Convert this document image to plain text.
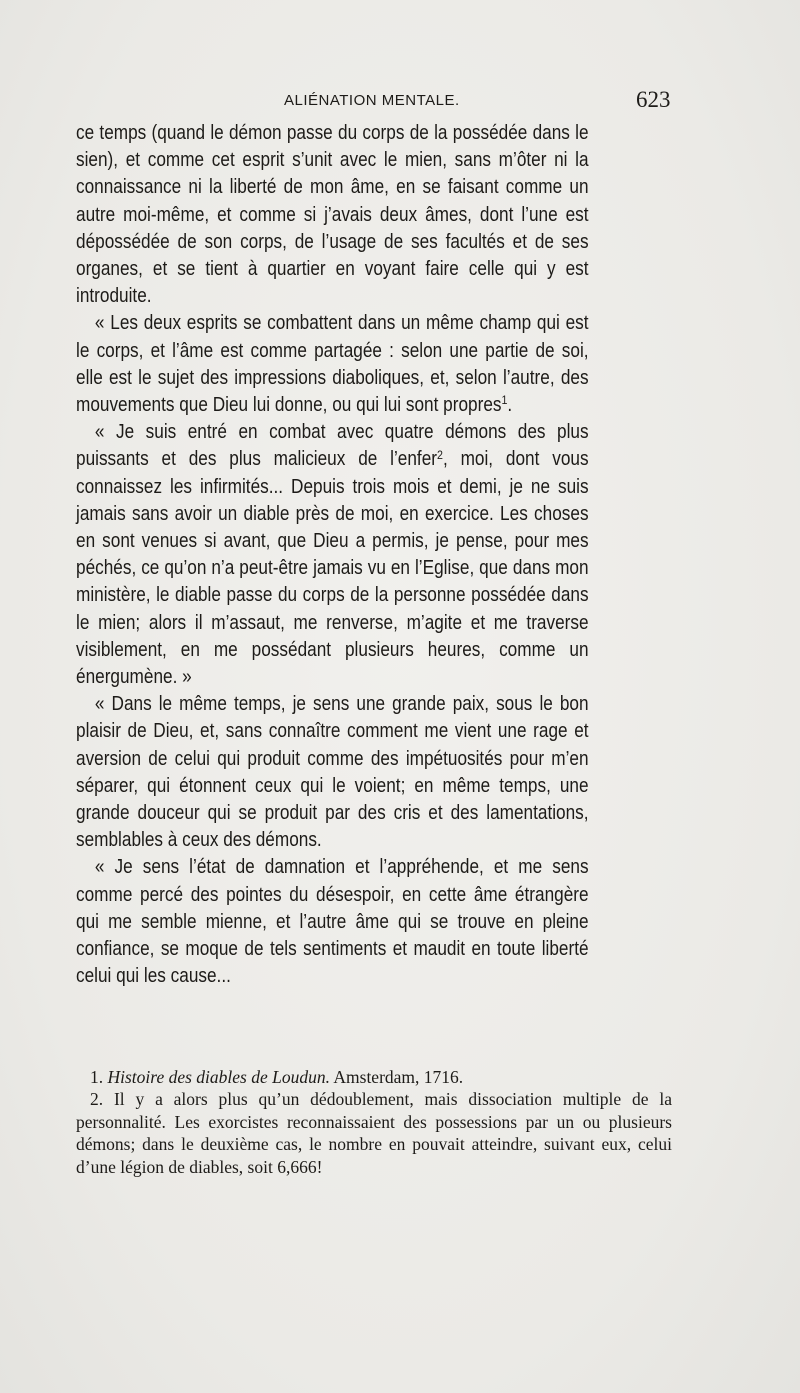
ALIÉNATION MENTALE.	623

ce temps (quand le démon passe du corps de la possédée dans le sien), et comme cet esprit s’unit avec le mien, sans m’ôter ni la connaissance ni la liberté de mon âme, en se faisant comme un autre moi-même, et comme si j’avais deux âmes, dont l’une est dépossédée de son corps, de l’usage de ses facultés et de ses organes, et se tient à quartier en voyant faire celle qui y est introduite.

« Les deux esprits se combattent dans un même champ qui est le corps, et l’âme est comme partagée : selon une partie de soi, elle est le sujet des impressions diaboliques, et, selon l’autre, des mouvements que Dieu lui donne, ou qui lui sont propres$^1$.

« Je suis entré en combat avec quatre démons des plus puissants et des plus malicieux de l’enfer$^2$, moi, dont vous connaissez les infirmités... Depuis trois mois et demi, je ne suis jamais sans avoir un diable près de moi, en exercice. Les choses en sont venues si avant, que Dieu a permis, je pense, pour mes péchés, ce qu’on n’a peut-être jamais vu en l’Eglise, que dans mon ministère, le diable passe du corps de la personne possédée dans le mien; alors il m’assaut, me renverse, m’agite et me traverse visiblement, en me possédant plusieurs heures, comme un énergumène. »

« Dans le même temps, je sens une grande paix, sous le bon plaisir de Dieu, et, sans connaître comment me vient une rage et aversion de celui qui produit comme des impétuosités pour m’en séparer, qui étonnent ceux qui le voient; en même temps, une grande douceur qui se produit par des cris et des lamentations, semblables à ceux des démons.

« Je sens l’état de damnation et l’appréhende, et me sens comme percé des pointes du désespoir, en cette âme étrangère qui me semble mienne, et l’autre âme qui se trouve en pleine confiance, se moque de tels sentiments et maudit en toute liberté celui qui les cause...

1. Histoire des diables de Loudun. Amsterdam, 1716.

2. Il y a alors plus qu’un dédoublement, mais dissociation multiple de la personnalité. Les exorcistes reconnaissaient des possessions par un ou plusieurs démons; dans le deuxième cas, le nombre en pouvait atteindre, suivant eux, celui d’une légion de diables, soit 6,666!
